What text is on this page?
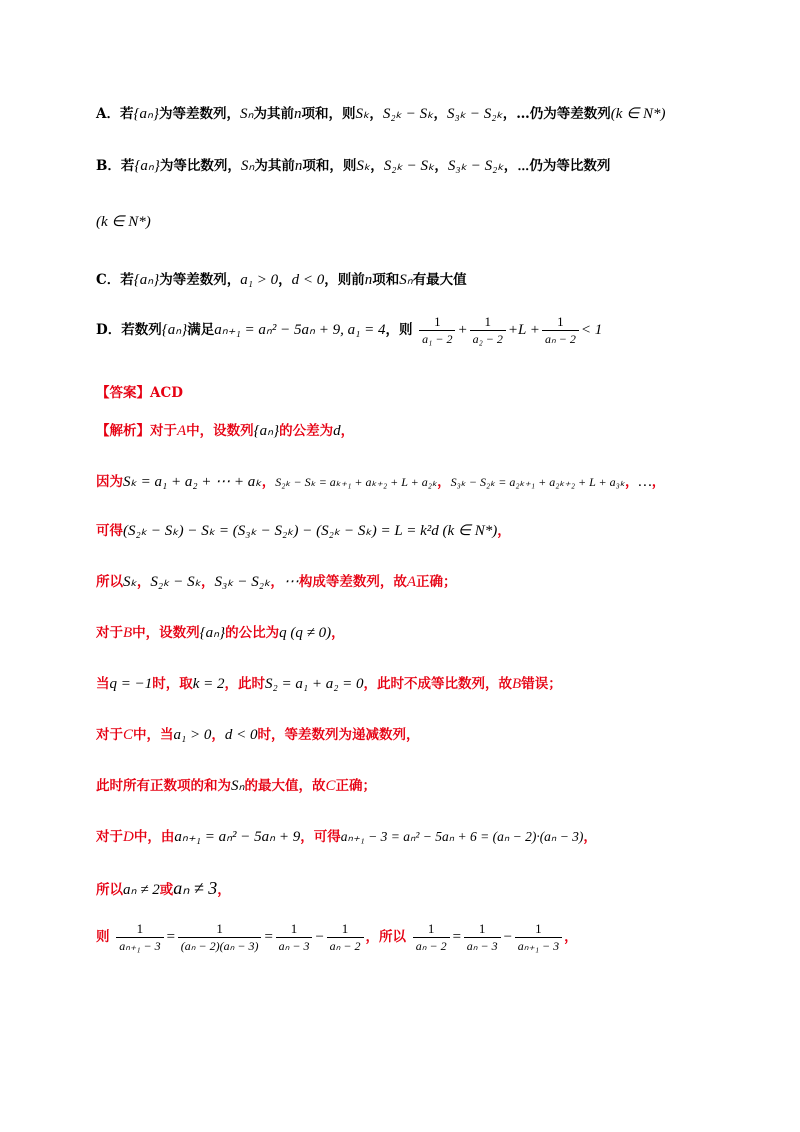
A．若{aₙ}为等差数列，Sₙ为其前n项和，则Sₖ，S₂ₖ − Sₖ，S₃ₖ − S₂ₖ，…仍为等差数列(k ∈ N*)
B．若{aₙ}为等比数列，Sₙ为其前n项和，则Sₖ，S₂ₖ − Sₖ，S₃ₖ − S₂ₖ，⋯仍为等比数列
(k ∈ N*)
C．若{aₙ}为等差数列，a₁ > 0，d < 0，则前n项和Sₙ有最大值
D．若数列{aₙ}满足aₙ₊₁ = aₙ² − 5aₙ + 9, a₁ = 4，则 $\frac{1}{\text{a₁ − 2}} + \frac{1}{\text{a₂ − 2}} +L + \frac{1}{\text{aₙ − 2}} < 1$
【答案】ACD
【解析】对于A中，设数列{aₙ}的公差为d，
因为Sₖ = a₁ + a₂ + ⋯ + aₖ，S₂ₖ − Sₖ = aₖ₊₁ + aₖ₊₂ + L + a₂ₖ，S₃ₖ − S₂ₖ = a₂ₖ₊₁ + a₂ₖ₊₂ + L + a₃ₖ，…，
可得(S₂ₖ − Sₖ) − Sₖ = (S₃ₖ − S₂ₖ) − (S₂ₖ − Sₖ) = L = k²d (k ∈ N*)，
所以Sₖ，S₂ₖ − Sₖ，S₃ₖ − S₂ₖ，⋯构成等差数列，故A正确；
对于B中，设数列{aₙ}的公比为q (q ≠ 0)，
当q = −1时，取k = 2，此时S₂ = a₁ + a₂ = 0，此时不成等比数列，故B错误；
对于C中，当a₁ > 0，d < 0时，等差数列为递减数列，
此时所有正数项的和为Sₙ的最大值，故C正确；
对于D中，由aₙ₊₁ = aₙ² − 5aₙ + 9，可得aₙ₊₁ − 3 = aₙ² − 5aₙ + 6 = (aₙ − 2)·(aₙ − 3)，
所以aₙ ≠ 2或aₙ ≠ 3，
则 $\frac{1}{\text{aₙ₊₁ − 3}} = \frac{1}{\text{(aₙ − 2)(aₙ − 3)}} = \frac{1}{\text{aₙ − 3}} - \frac{1}{\text{aₙ − 2}}$ ，所以 $\frac{1}{\text{aₙ − 2}} = \frac{1}{\text{aₙ − 3}} - \frac{1}{\text{aₙ₊₁ − 3}}$ ，
